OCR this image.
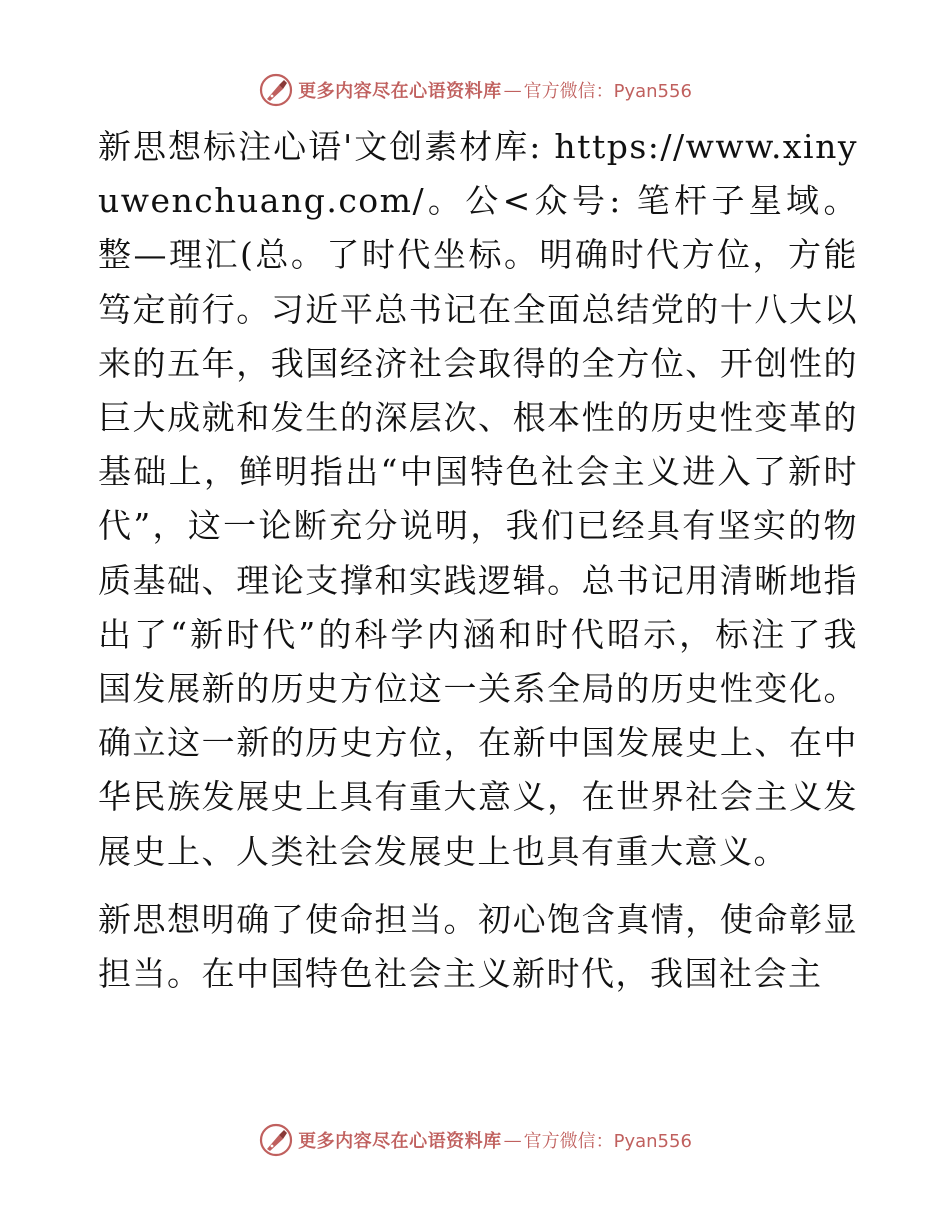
更多内容尽在心语资料库 — 官方微信：Pyan556

新思想标注心语'文创素材库: https://www.xinyuwenchuang.com/。公<众号: 笔杆子星域。整—理汇(总。了时代坐标。明确时代方位，方能笃定前行。习近平总书记在全面总结党的十八大以来的五年，我国经济社会取得的全方位、开创性的巨大成就和发生的深层次、根本性的历史性变革的基础上，鲜明指出“中国特色社会主义进入了新时代”，这一论断充分说明，我们已经具有坚实的物质基础、理论支撑和实践逻辑。总书记用清晰地指出了“新时代”的科学内涵和时代昭示，标注了我国发展新的历史方位这一关系全局的历史性变化。确立这一新的历史方位，在新中国发展史上、在中华民族发展史上具有重大意义，在世界社会主义发展史上、人类社会发展史上也具有重大意义。

新思想明确了使命担当。初心饱含真情，使命彰显担当。在中国特色社会主义新时代，我国社会主

更多内容尽在心语资料库 — 官方微信：Pyan556
